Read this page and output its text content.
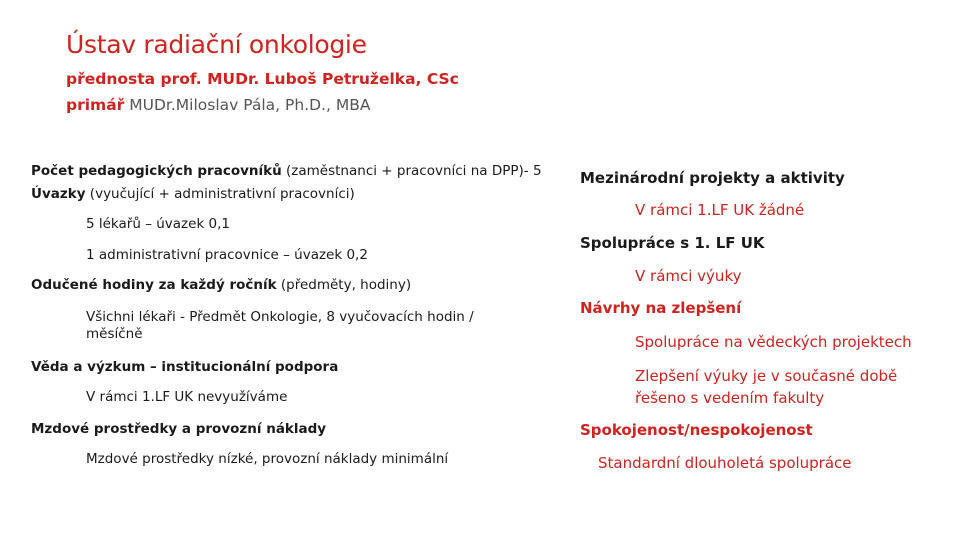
Ústav radiační onkologie
přednosta prof. MUDr. Luboš Petruželka, CSc
primář MUDr.Miloslav Pála, Ph.D., MBA
Počet pedagogických pracovníků (zaměstnanci + pracovníci na DPP)- 5
Úvazky (vyučující + administrativní pracovníci)
5 lékařů – úvazek 0,1
1 administrativní pracovnice – úvazek 0,2
Odučené hodiny za každý ročník (předměty, hodiny)
Všichni lékaři - Předmět Onkologie, 8 vyučovacích hodin /
měsíčně
Věda a výzkum – institucionální podpora
V rámci 1.LF UK nevyužíváme
Mzdové prostředky a provozní náklady
Mzdové prostředky nízké, provozní náklady minimální
Mezinárodní projekty a aktivity
V rámci 1.LF UK žádné
Spolupráce s 1. LF UK
V rámci výuky
Návrhy na zlepšení
Spolupráce na vědeckých projektech
Zlepšení výuky je v současné době
řešeno s vedením fakulty
Spokojenost/nespokojenost
Standardní dlouholetá spolupráce
